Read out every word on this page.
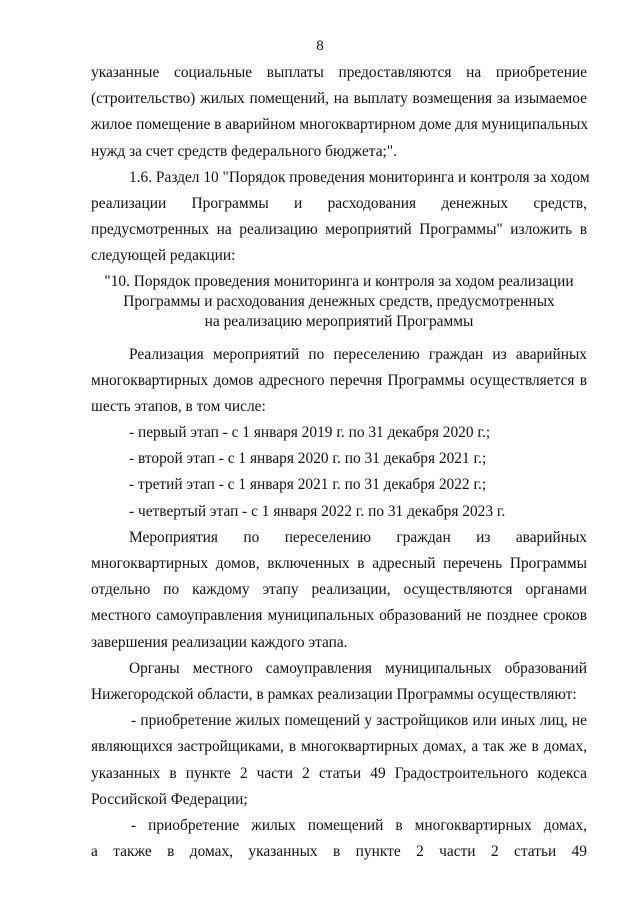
8
указанные социальные выплаты предоставляются на приобретение
(строительство) жилых помещений, на выплату возмещения за изымаемое
жилое помещение в аварийном многоквартирном доме для муниципальных
нужд за счет средств федерального бюджета;".
1.6. Раздел 10 "Порядок проведения мониторинга и контроля за ходом
реализации Программы и расходования денежных средств,
предусмотренных на реализацию мероприятий Программы" изложить в
следующей редакции:
"10. Порядок проведения мониторинга и контроля за ходом реализации
Программы и расходования денежных средств, предусмотренных
на реализацию мероприятий Программы
Реализация мероприятий по переселению граждан из аварийных
многоквартирных домов адресного перечня Программы осуществляется в
шесть этапов, в том числе:
- первый этап - с 1 января 2019 г. по 31 декабря 2020 г.;
- второй этап - с 1 января 2020 г. по 31 декабря 2021 г.;
- третий этап - с 1 января 2021 г. по 31 декабря 2022 г.;
- четвертый этап - с 1 января 2022 г. по 31 декабря 2023 г.
Мероприятия по переселению граждан из аварийных
многоквартирных домов, включенных в адресный перечень Программы
отдельно по каждому этапу реализации, осуществляются органами
местного самоуправления муниципальных образований не позднее сроков
завершения реализации каждого этапа.
Органы местного самоуправления муниципальных образований
Нижегородской области, в рамках реализации Программы осуществляют:
- приобретение жилых помещений у застройщиков или иных лиц, не
являющихся застройщиками, в многоквартирных домах, а так же в домах,
указанных в пункте 2 части 2 статьи 49 Градостроительного кодекса
Российской Федерации;
- приобретение жилых помещений в многоквартирных домах,
а также в домах, указанных в пункте 2 части 2 статьи 49
